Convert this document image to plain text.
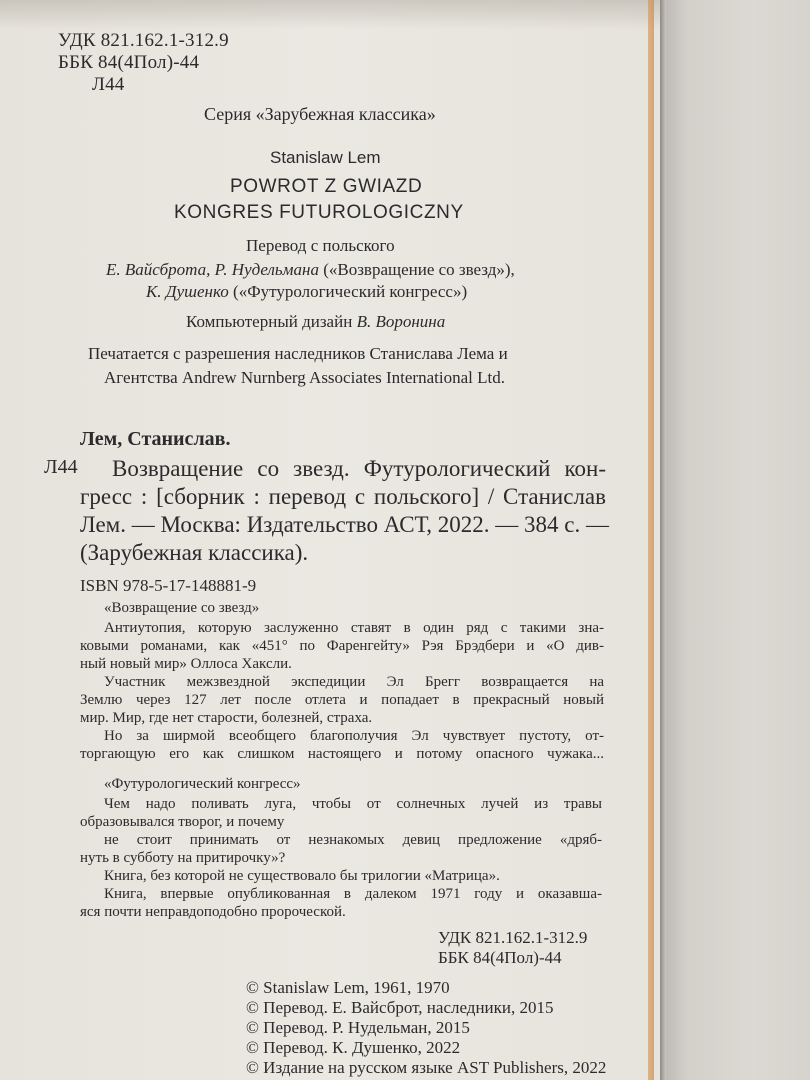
УДК 821.162.1-312.9
ББК 84(4Пол)-44
Л44
Серия «Зарубежная классика»
Stanislaw Lem
POWROT Z GWIAZD
KONGRES FUTUROLOGICZNY
Перевод с польского
Е. Вайсброта, Р. Нудельмана («Возвращение со звезд»),
К. Душенко («Футурологический конгресс»)
Компьютерный дизайн В. Воронина
Печатается с разрешения наследников Станислава Лема и
Агентства Andrew Nurnberg Associates International Ltd.
Лем, Станислав.
Л44 Возвращение со звезд. Футурологический кон-
гресс : [сборник : перевод с польского] / Станислав
Лем. — Москва: Издательство АСТ, 2022. — 384 с. —
(Зарубежная классика).
ISBN 978-5-17-148881-9
«Возвращение со звезд»
Антиутопия, которую заслуженно ставят в один ряд с такими зна-
ковыми романами, как «451° по Фаренгейту» Рэя Брэдбери и «О див-
ный новый мир» Оллоса Хаксли.
Участник межзвездной экспедиции Эл Брегг возвращается на
Землю через 127 лет после отлета и попадает в прекрасный новый
мир. Мир, где нет старости, болезней, страха.
Но за ширмой всеобщего благополучия Эл чувствует пустоту, от-
торгающую его как слишком настоящего и потому опасного чужака...
«Футурологический конгресс»
Чем надо поливать луга, чтобы от солнечных лучей из травы
образовывался творог, и почему
не стоит принимать от незнакомых девиц предложение «дряб-
нуть в субботу на притирочку»?
Книга, без которой не существовало бы трилогии «Матрица».
Книга, впервые опубликованная в далеком 1971 году и оказавша-
яся почти неправдоподобно пророческой.
УДК 821.162.1-312.9
ББК 84(4Пол)-44
© Stanislaw Lem, 1961, 1970
© Перевод. Е. Вайсброт, наследники, 2015
© Перевод. Р. Нудельман, 2015
© Перевод. К. Душенко, 2022
© Издание на русском языке AST Publishers, 2022
